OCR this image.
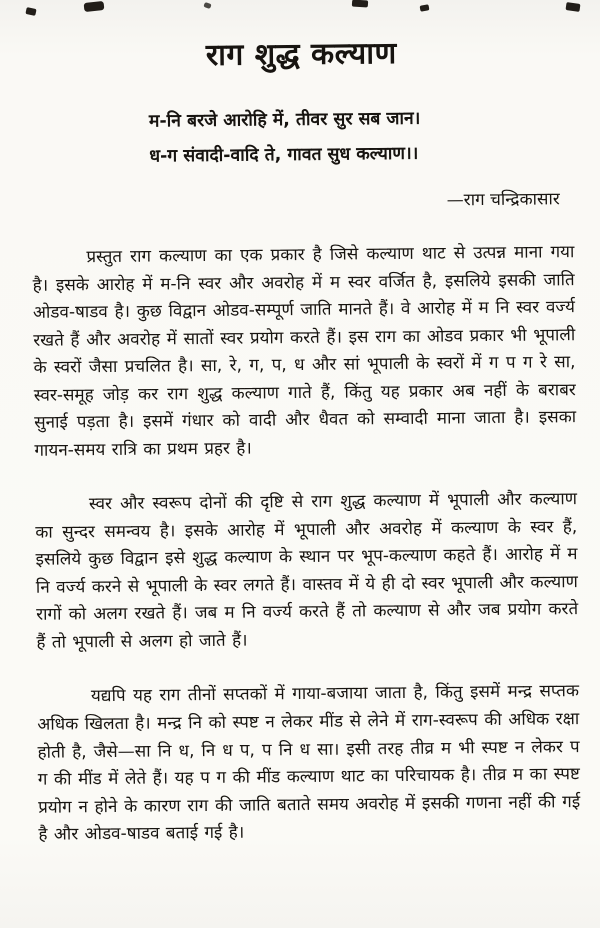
राग शुद्ध कल्याण
म-नि बरजे आरोहि में, तीवर सुर सब जान।
ध-ग संवादी-वादि ते, गावत सुध कल्याण।।
—राग चन्द्रिकासार

प्रस्तुत राग कल्याण का एक प्रकार है जिसे कल्याण थाट से उत्पन्न माना गया है। इसके आरोह में म-नि स्वर और अवरोह में म स्वर वर्जित है, इसलिये इसकी जाति ओडव-षाडव है। कुछ विद्वान ओडव-सम्पूर्ण जाति मानते हैं। वे आरोह में म नि स्वर वर्ज्य रखते हैं और अवरोह में सातों स्वर प्रयोग करते हैं। इस राग का ओडव प्रकार भी भूपाली के स्वरों जैसा प्रचलित है। सा, रे, ग, प, ध और सां भूपाली के स्वरों में ग प ग रे सा, स्वर-समूह जोड़ कर राग शुद्ध कल्याण गाते हैं, किंतु यह प्रकार अब नहीं के बराबर सुनाई पड़ता है। इसमें गंधार को वादी और धैवत को सम्वादी माना जाता है। इसका गायन-समय रात्रि का प्रथम प्रहर है।

स्वर और स्वरूप दोनों की दृष्टि से राग शुद्ध कल्याण में भूपाली और कल्याण का सुन्दर समन्वय है। इसके आरोह में भूपाली और अवरोह में कल्याण के स्वर हैं, इसलिये कुछ विद्वान इसे शुद्ध कल्याण के स्थान पर भूप-कल्याण कहते हैं। आरोह में म नि वर्ज्य करने से भूपाली के स्वर लगते हैं। वास्तव में ये ही दो स्वर भूपाली और कल्याण रागों को अलग रखते हैं। जब म नि वर्ज्य करते हैं तो कल्याण से और जब प्रयोग करते हैं तो भूपाली से अलग हो जाते हैं।

यद्यपि यह राग तीनों सप्तकों में गाया-बजाया जाता है, किंतु इसमें मन्द्र सप्तक अधिक खिलता है। मन्द्र नि को स्पष्ट न लेकर मींड से लेने में राग-स्वरूप की अधिक रक्षा होती है, जैसे—सा नि ध, नि ध प, प नि ध सा। इसी तरह तीव्र म भी स्पष्ट न लेकर प ग की मींड में लेते हैं। यह प ग की मींड कल्याण थाट का परिचायक है। तीव्र म का स्पष्ट प्रयोग न होने के कारण राग की जाति बताते समय अवरोह में इसकी गणना नहीं की गई है और ओडव-षाडव बताई गई है।
